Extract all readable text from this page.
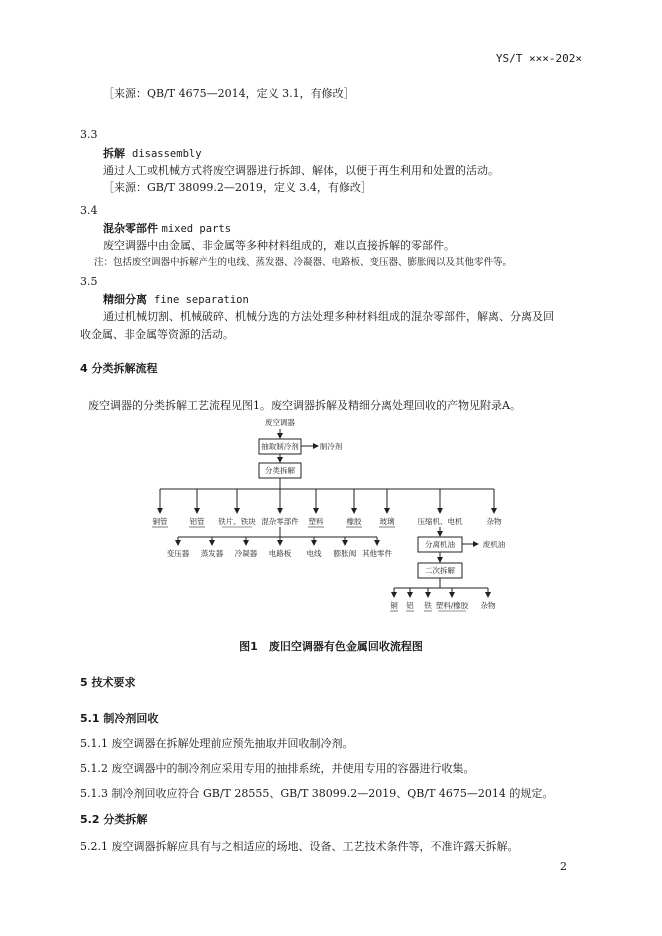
YS/T ×××-202×
［来源：QB/T 4675—2014，定义 3.1，有修改］
3.3
拆解 disassembly
通过人工或机械方式将废空调器进行拆卸、解体，以便于再生利用和处置的活动。
［来源：GB/T 38099.2—2019，定义 3.4，有修改］
3.4
混杂零部件 mixed parts
废空调器中由金属、非金属等多种材料组成的，难以直接拆解的零部件。
注：包括废空调器中拆解产生的电线、蒸发器、冷凝器、电路板、变压器、膨胀阀以及其他零件等。
3.5
精细分离 fine separation
通过机械切割、机械破碎、机械分选的方法处理多种材料组成的混杂零部件，解离、分离及回
收金属、非金属等资源的活动。
4 分类拆解流程
废空调器的分类拆解工艺流程见图1。废空调器拆解及精细分离处理回收的产物见附录A。
废空调器
抽取制冷剂	制冷剂
分类拆解
铜管	铝管 铁片、铁块 混杂零部件 塑料	橡胶 玻璃	压缩机、电机	杂物
变压器 蒸发器 冷凝器 电路板 电线 膨胀阀 其他零件
分离机油	废机油
二次拆解
铜 铝 铁 塑料/橡胶 杂物
图1　废旧空调器有色金属回收流程图
5 技术要求
5.1 制冷剂回收
5.1.1 废空调器在拆解处理前应预先抽取并回收制冷剂。
5.1.2 废空调器中的制冷剂应采用专用的抽排系统，并使用专用的容器进行收集。
5.1.3 制冷剂回收应符合 GB/T 28555、GB/T 38099.2—2019、QB/T 4675—2014 的规定。
5.2 分类拆解
5.2.1 废空调器拆解应具有与之相适应的场地、设备、工艺技术条件等，不准许露天拆解。
2
